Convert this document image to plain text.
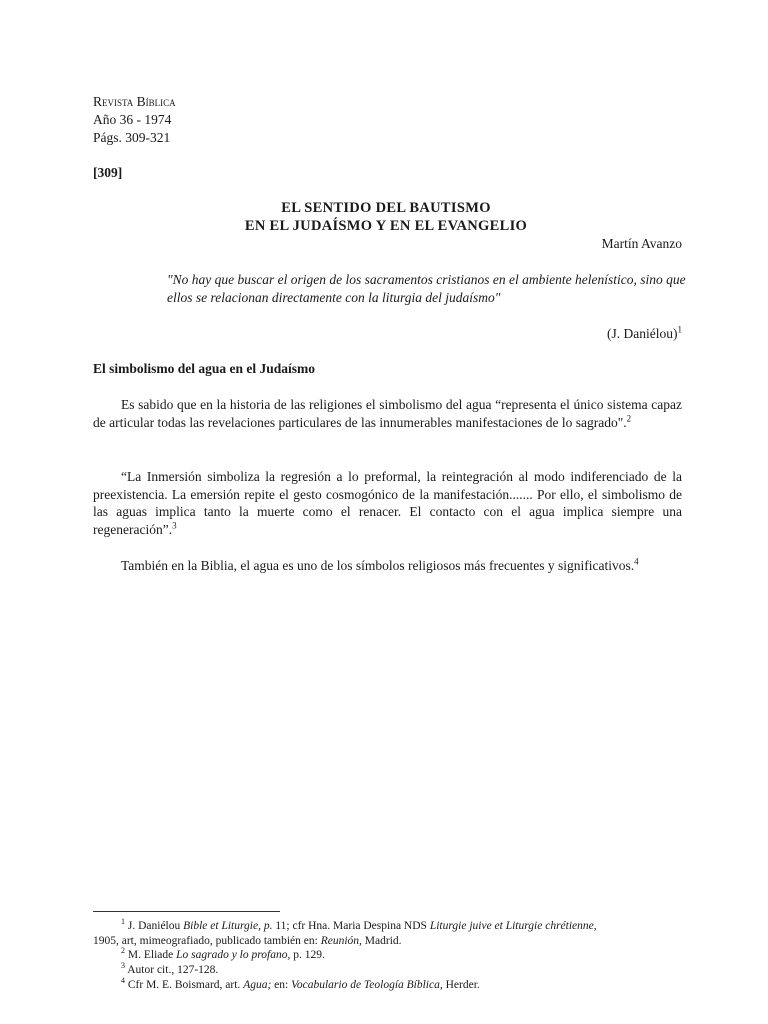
Revista Bíblica
Año 36 - 1974
Págs. 309-321
[309]
EL SENTIDO DEL BAUTISMO
EN EL JUDAÍSMO Y EN EL EVANGELIO
Martín Avanzo
"No hay que buscar el origen de los sacramentos cristianos en el ambiente helenístico, sino que ellos se relacionan directamente con la liturgia del judaísmo"
(J. Daniélou)$^1$
El simbolismo del agua en el Judaísmo
Es sabido que en la historia de las religiones el simbolismo del agua “representa el único sistema capaz de articular todas las revelaciones particulares de las innumerables manifestaciones de lo sagrado".$^2$
“La Inmersión simboliza la regresión a lo preformal, la reintegración al modo indiferenciado de la preexistencia. La emersión repite el gesto cosmogónico de la manifestación....... Por ello, el simbolismo de las aguas implica tanto la muerte como el renacer. El contacto con el agua implica siempre una regeneración”.$^3$
También en la Biblia, el agua es uno de los símbolos religiosos más frecuentes y significativos.$^4$
$^1$ J. Daniélou Bible et Liturgie, p. 11; cfr Hna. Maria Despina NDS Liturgie juive et Liturgie chrétienne,
1905, art, mimeografiado, publicado también en: Reunión, Madrid.
$^2$ M. Eliade Lo sagrado y lo profano, p. 129.
$^3$ Autor cit., 127-128.
$^4$ Cfr M. E. Boismard, art. Agua; en: Vocabulario de Teología Bíblica, Herder.
